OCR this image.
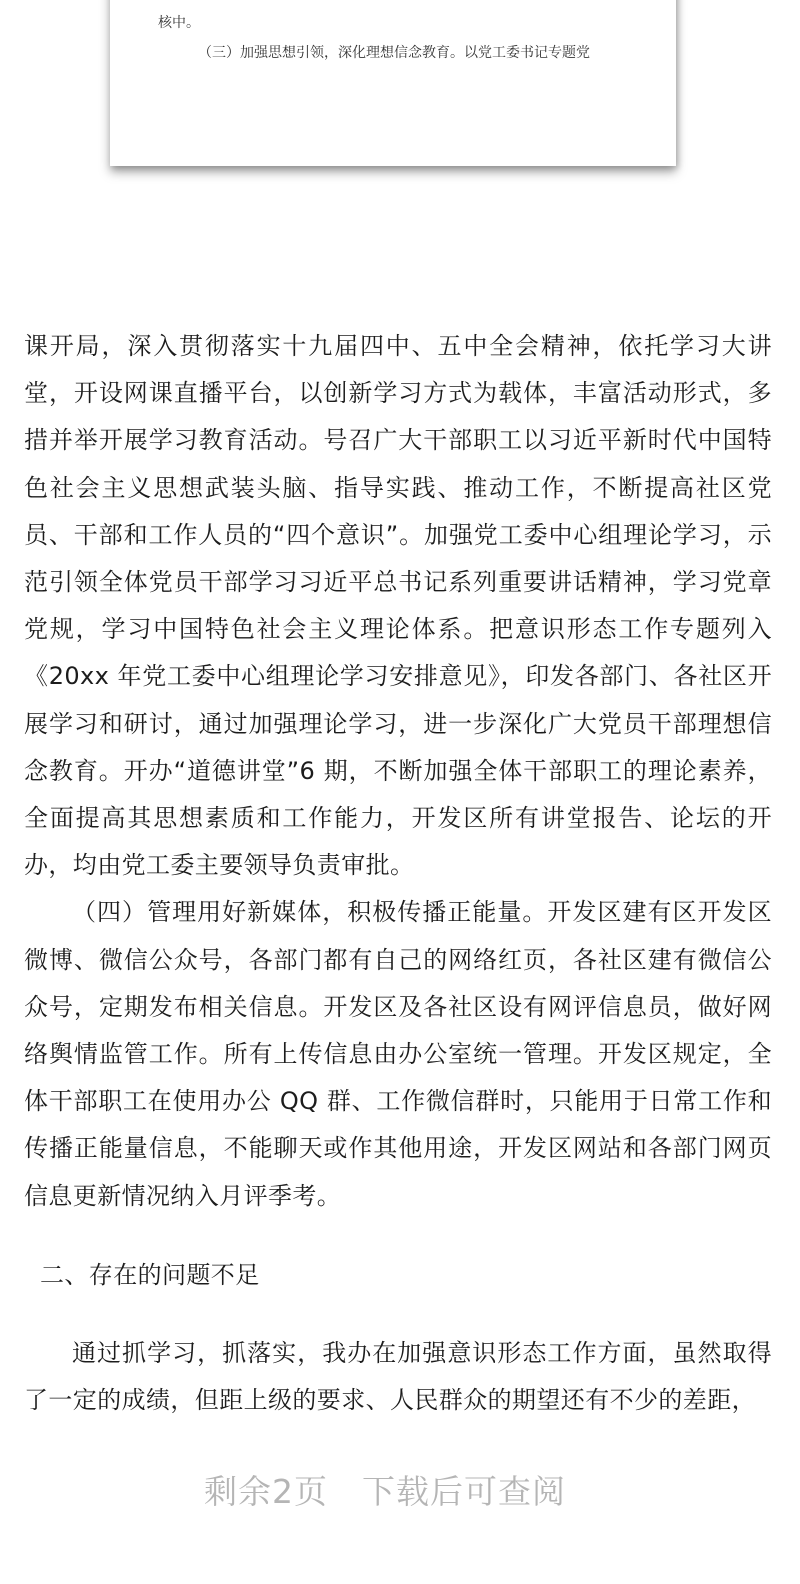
核中。
（三）加强思想引领，深化理想信念教育。以党工委书记专题党

课开局，深入贯彻落实十九届四中、五中全会精神，依托学习大讲堂，开设网课直播平台，以创新学习方式为载体，丰富活动形式，多措并举开展学习教育活动。号召广大干部职工以习近平新时代中国特色社会主义思想武装头脑、指导实践、推动工作，不断提高社区党员、干部和工作人员的“四个意识”。加强党工委中心组理论学习，示范引领全体党员干部学习习近平总书记系列重要讲话精神，学习党章党规，学习中国特色社会主义理论体系。把意识形态工作专题列入《20xx 年党工委中心组理论学习安排意见》，印发各部门、各社区开展学习和研讨，通过加强理论学习，进一步深化广大党员干部理想信念教育。开办“道德讲堂”6 期，不断加强全体干部职工的理论素养，全面提高其思想素质和工作能力，开发区所有讲堂报告、论坛的开办，均由党工委主要领导负责审批。

（四）管理用好新媒体，积极传播正能量。开发区建有区开发区微博、微信公众号，各部门都有自己的网络红页，各社区建有微信公众号，定期发布相关信息。开发区及各社区设有网评信息员，做好网络舆情监管工作。所有上传信息由办公室统一管理。开发区规定，全体干部职工在使用办公 QQ 群、工作微信群时，只能用于日常工作和传播正能量信息，不能聊天或作其他用途，开发区网站和各部门网页信息更新情况纳入月评季考。

二、存在的问题不足

通过抓学习，抓落实，我办在加强意识形态工作方面，虽然取得了一定的成绩，但距上级的要求、人民群众的期望还有不少的差距，

剩余2页　下载后可查阅
